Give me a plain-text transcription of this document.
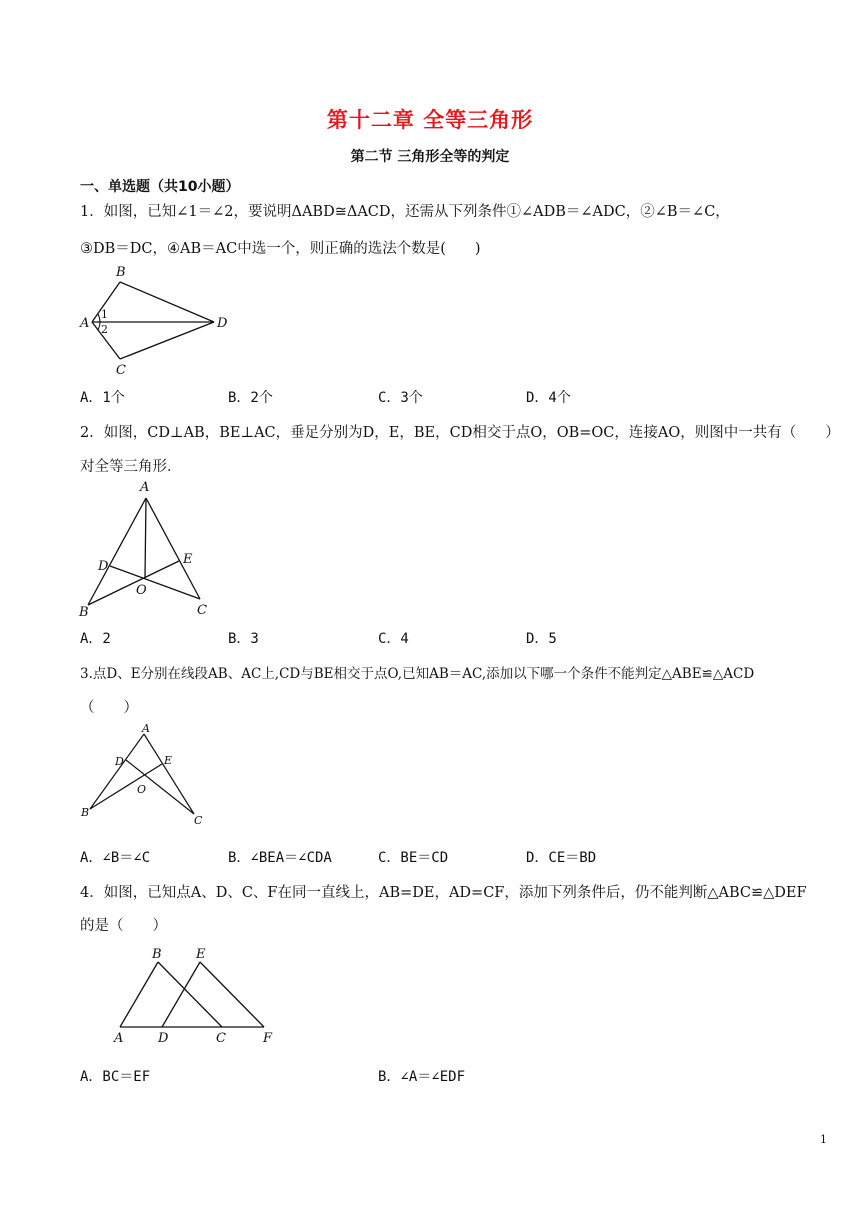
第十二章 全等三角形
第二节 三角形全等的判定
一、单选题（共10小题）
1．如图，已知∠1＝∠2，要说明ΔABD≅ΔACD，还需从下列条件①∠ADB＝∠ADC，②∠B＝∠C，
③DB＝DC，④AB＝AC中选一个，则正确的选法个数是(　　)
B
A
1
2	D
C
A．1个	B．2个	C．3个	D．4个
2．如图，CD⊥AB，BE⊥AC，垂足分别为D，E，BE，CD相交于点O，OB=OC，连接AO，则图中一共有（　　）
对全等三角形．
A
D	E
O
B	C
A．2	B．3	C．4	D．5
3.点D、E分别在线段AB、AC上,CD与BE相交于点O,已知AB＝AC,添加以下哪一个条件不能判定△ABE≌△ACD
（　　）
A
D	E
O
B
C
A．∠B＝∠C	B．∠BEA＝∠CDA	C．BE＝CD	D．CE＝BD
4．如图，已知点A、D、C、F在同一直线上，AB=DE，AD=CF，添加下列条件后，仍不能判断△ABC≌△DEF
的是（　　）
B	E
A	D	C	F
A．BC＝EF	B．∠A＝∠EDF
1
